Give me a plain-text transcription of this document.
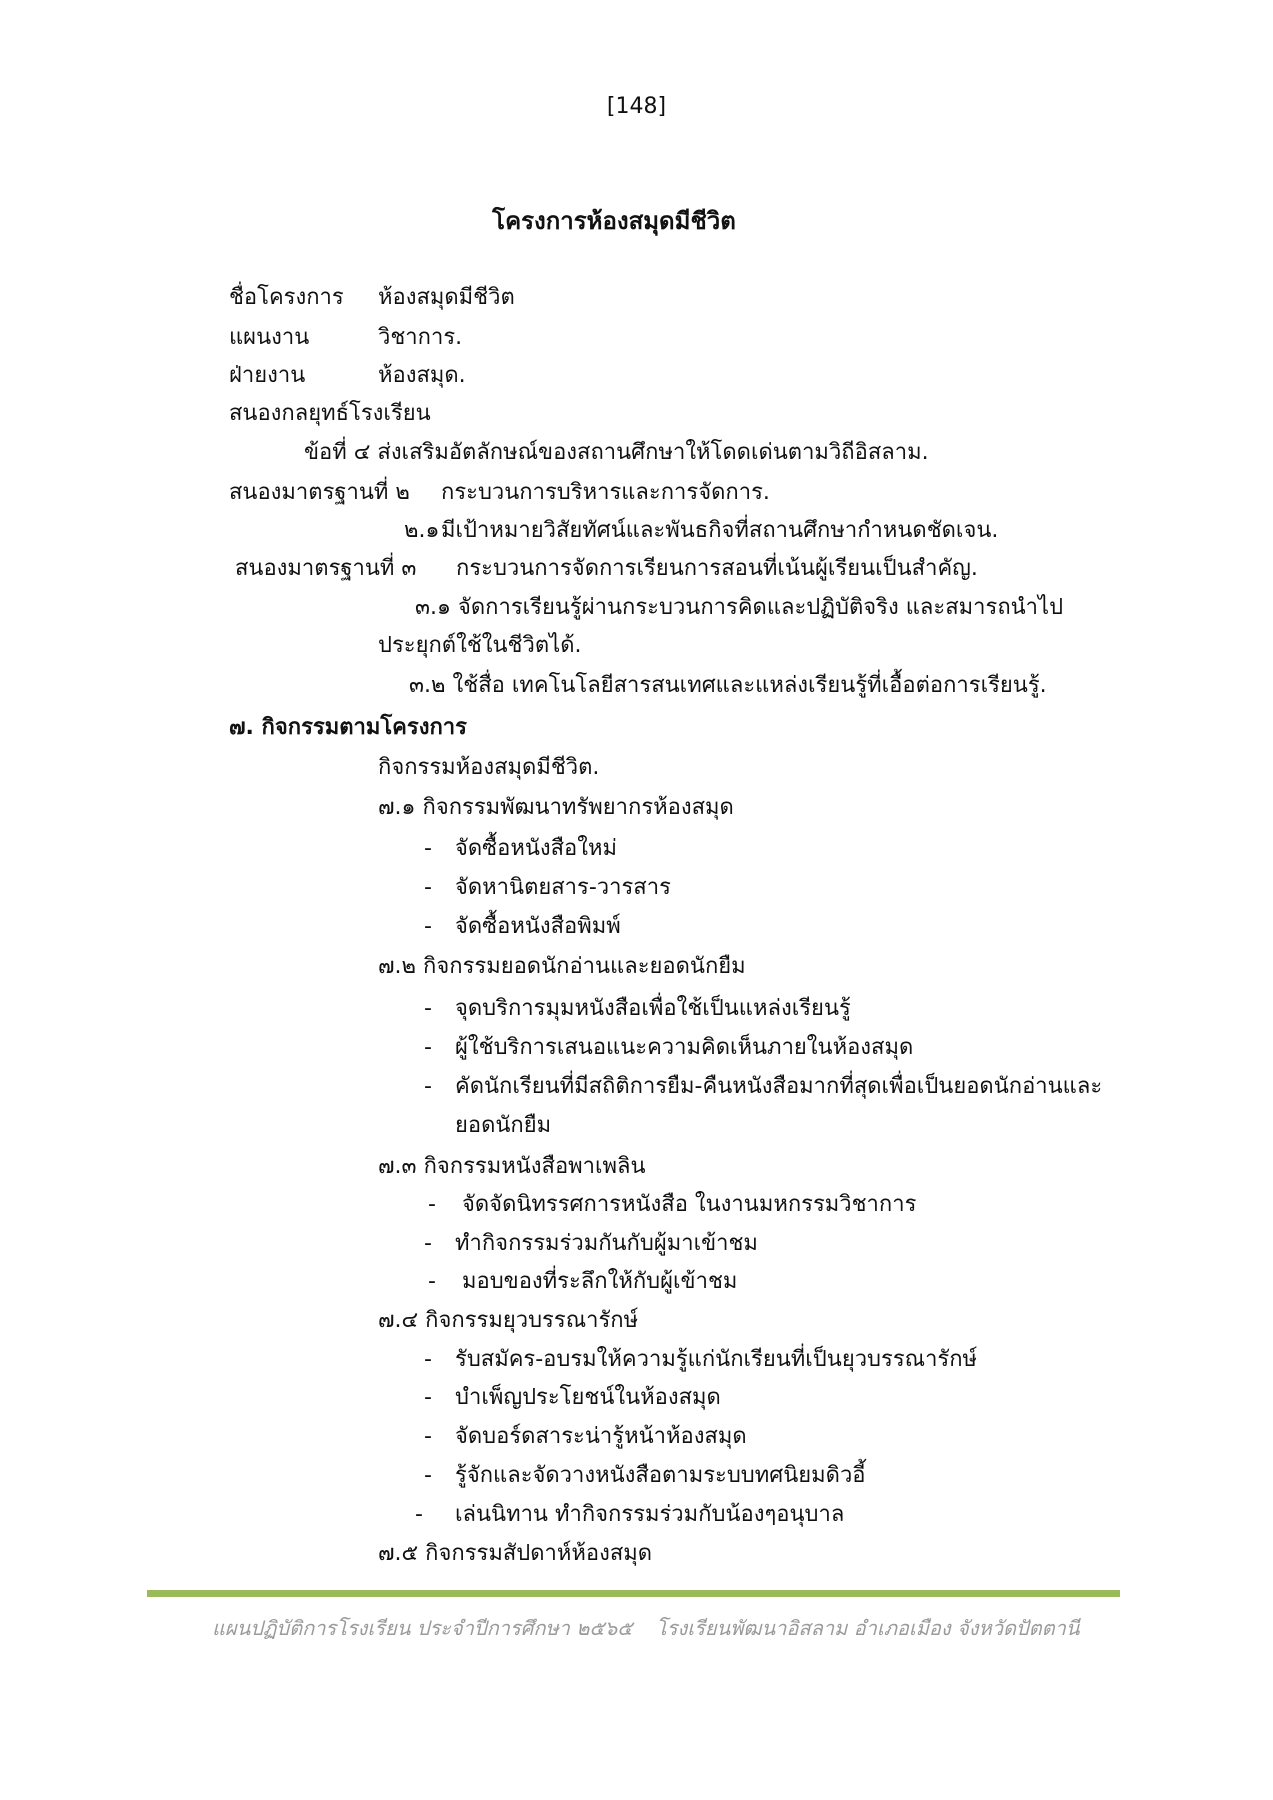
[148]
โครงการห้องสมุดมีชีวิต
ชื่อโครงการ ห้องสมุดมีชีวิต
แผนงาน	วิชาการ.
ฝ่ายงาน	ห้องสมุด.
สนองกลยุทธ์โรงเรียน
ข้อที่ ๔ ส่งเสริมอัตลักษณ์ของสถานศึกษาให้โดดเด่นตามวิถีอิสลาม.
สนองมาตรฐานที่ ๒ กระบวนการบริหารและการจัดการ.
๒.๑ มีเป้าหมายวิสัยทัศน์และพันธกิจที่สถานศึกษากำหนดชัดเจน.
สนองมาตรฐานที่ ๓ กระบวนการจัดการเรียนการสอนที่เน้นผู้เรียนเป็นสำคัญ.
๓.๑ จัดการเรียนรู้ผ่านกระบวนการคิดและปฏิบัติจริง และสมารถนำไป
ประยุกต์ใช้ในชีวิตได้.
๓.๒ ใช้สื่อ เทคโนโลยีสารสนเทศและแหล่งเรียนรู้ที่เอื้อต่อการเรียนรู้.
๗. กิจกรรมตามโครงการ
กิจกรรมห้องสมุดมีชีวิต.
๗.๑ กิจกรรมพัฒนาทรัพยากรห้องสมุด
- จัดซื้อหนังสือใหม่
- จัดหานิตยสาร-วารสาร
- จัดซื้อหนังสือพิมพ์
๗.๒ กิจกรรมยอดนักอ่านและยอดนักยืม
- จุดบริการมุมหนังสือเพื่อใช้เป็นแหล่งเรียนรู้
- ผู้ใช้บริการเสนอแนะความคิดเห็นภายในห้องสมุด
- คัดนักเรียนที่มีสถิติการยืม-คืนหนังสือมากที่สุดเพื่อเป็นยอดนักอ่านและ
ยอดนักยืม
๗.๓ กิจกรรมหนังสือพาเพลิน
- จัดจัดนิทรรศการหนังสือ ในงานมหกรรมวิชาการ
- ทำกิจกรรมร่วมกันกับผู้มาเข้าชม
- มอบของที่ระลึกให้กับผู้เข้าชม
๗.๔ กิจกรรมยุวบรรณารักษ์
- รับสมัคร-อบรมให้ความรู้แก่นักเรียนที่เป็นยุวบรรณารักษ์
- บำเพ็ญประโยชน์ในห้องสมุด
- จัดบอร์ดสาระน่ารู้หน้าห้องสมุด
- รู้จักและจัดวางหนังสือตามระบบทศนิยมดิวอี้
- เล่นนิทาน ทำกิจกรรมร่วมกับน้องๆอนุบาล
๗.๕ กิจกรรมสัปดาห์ห้องสมุด
แผนปฏิบัติการโรงเรียน ประจำปีการศึกษา ๒๕๖๕ โรงเรียนพัฒนาอิสลาม อำเภอเมือง จังหวัดปัตตานี
